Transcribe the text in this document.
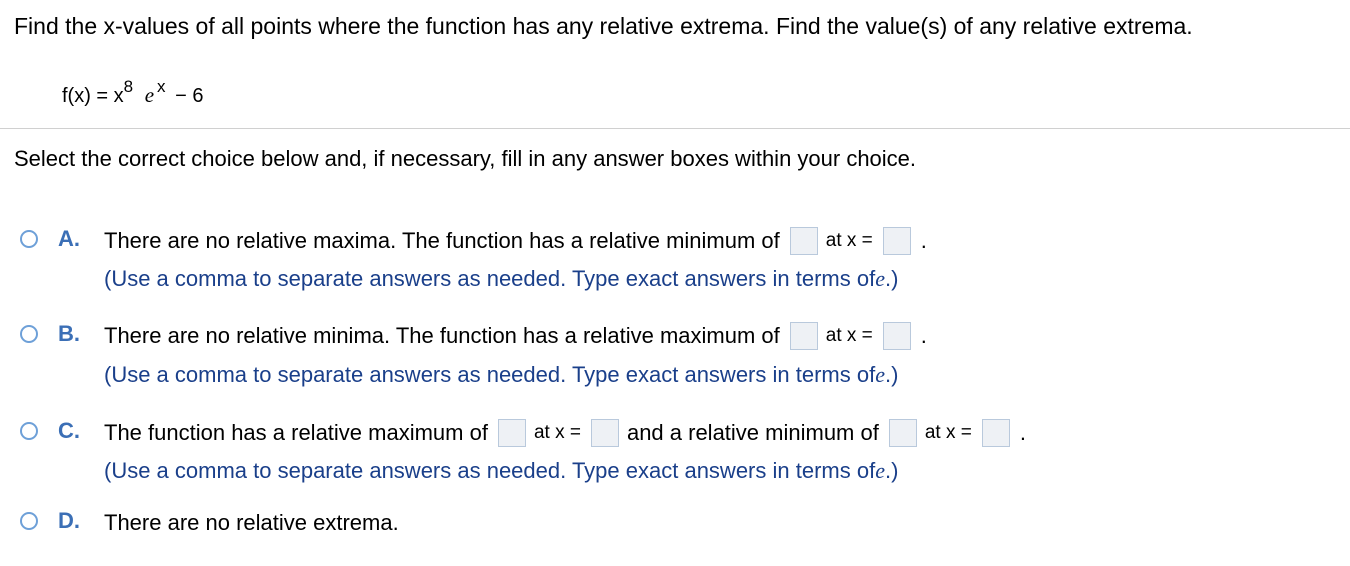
Find the x-values of all points where the function has any relative extrema. Find the value(s) of any relative extrema.
$f(x) = x^8$ e $^x$ − 6
Select the correct choice below and, if necessary, fill in any answer boxes within your choice.
A. There are no relative maxima. The function has a relative minimum of at x = .
(Use a comma to separate answers as needed. Type exact answers in terms of e .)
B. There are no relative minima. The function has a relative maximum of at x = .
(Use a comma to separate answers as needed. Type exact answers in terms of e .)
C. The function has a relative maximum of at x = and a relative minimum of at x = .
(Use a comma to separate answers as needed. Type exact answers in terms of e .)
D. There are no relative extrema.
